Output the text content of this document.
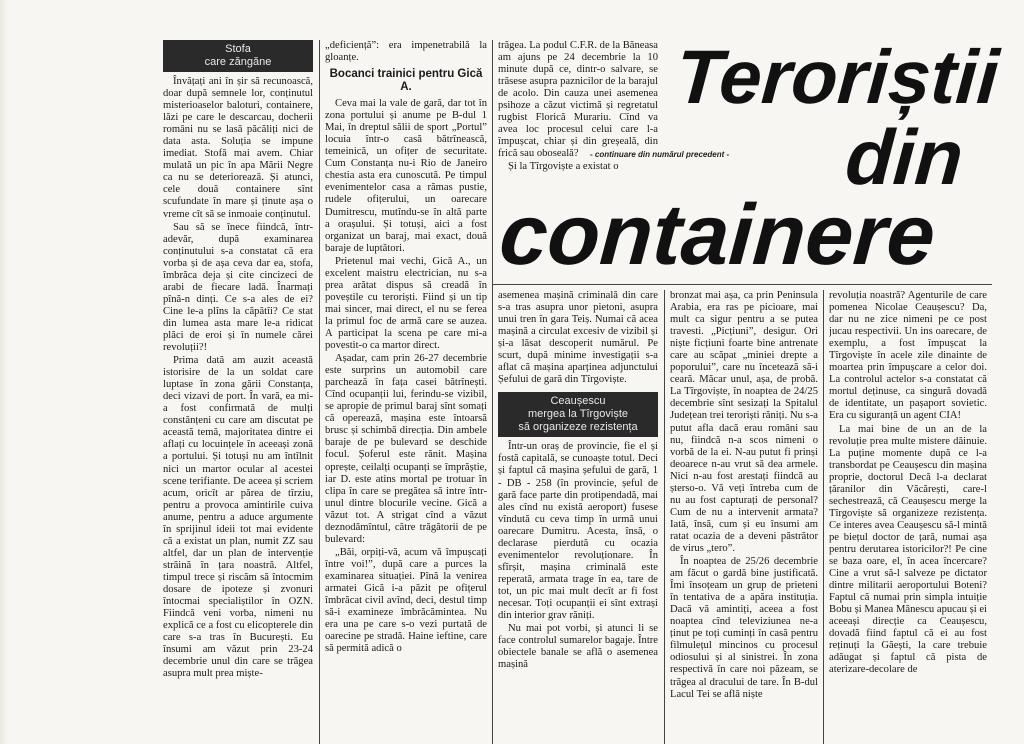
Stofa
care zăngăne

Învățați ani în șir să recunoască, doar după semnele lor, conținutul misterioaselor baloturi, containere, lăzi pe care le descarcau, docherii români nu se lasă păcăliți nici de data asta. Soluția se impune imediat. Stofă mai avem. Chiar mulată un pic în apa Mării Negre ca nu se deteriorează. Și atunci, cele două containere sînt scufundate în mare și ținute așa o vreme cît să se inmoaie conținutul.

Sau să se înece fiindcă, într-adevăr, după examinarea conținutului s-a constatat că era vorba și de așa ceva dar ea, stofa, îmbrăca deja și cite cincizeci de arabi de fiecare ladă. Înarmați pînă-n dinți. Ce s-a ales de ei? Cine le-a plîns la căpătîi? Ce stat din lumea asta mare le-a ridicat plăci de eroi și în numele cărei revoluții?!

Prima dată am auzit această istorisire de la un soldat care luptase în zona gării Constanța, deci vizavi de port. În vară, ea mi-a fost confirmată de mulți constănțeni cu care am discutat pe această temă, majoritatea dintre ei aflați cu locuințele în aceeași zonă a portului. Și totuși nu am întîlnit nici un martor ocular al acestei scene terifiante. De aceea și scriem acum, oricît ar părea de tîrziu, pentru a provoca amintirile cuiva anume, pentru a aduce argumente în sprijinul ideii tot mai evidente că a existat un plan, numit ZZ sau altfel, dar un plan de intervenție străină în țara noastră. Altfel, timpul trece și riscăm să întocmim dosare de ipoteze și zvonuri întocmai specialiștilor în OZN. Fiindcă veni vorba, nimeni nu explică ce a fost cu elicopterele din care s-a tras în București. Eu însumi am văzut prin 23-24 decembrie unul din care se trăgea asupra mult prea miște-

„deficiență”: era impenetrabilă la gloanțe.

Bocanci trainici pentru Gică A.

Ceva mai la vale de gară, dar tot în zona portului și anume pe B-dul 1 Mai, în dreptul sălii de sport „Portul” locuia într-o casă bătrînească, temeinică, un ofițer de securitate. Cum Constanța nu-i Rio de Janeiro chestia asta era cunoscută. Pe timpul evenimentelor casa a rămas pustie, rudele ofițerului, un oarecare Dumitrescu, mutîndu-se în altă parte a orașului. Și totuși, aici a fost organizat un baraj, mai exact, două baraje de luptători.

Prietenul mai vechi, Gică A., un excelent maistru electrician, nu s-a prea arătat dispus să creadă în poveștile cu teroriști. Fiind și un tip mai sincer, mai direct, el nu se ferea la primul foc de armă care se auzea. A participat la scena pe care mi-a povestit-o ca martor direct.

Așadar, cam prin 26-27 decembrie este surprins un automobil care parchează în fața casei bătrînești. Cînd ocupanții lui, ferindu-se vizibil, se apropie de primul baraj sînt somați că operează, mașina este întoarsă brusc și schimbă direcția. Din ambele baraje de pe bulevard se deschide focul. Șoferul este rănit. Mașina oprește, ceilalți ocupanți se împrăștie, iar D. este atins mortal pe trotuar în clipa în care se pregătea să intre într-unul dintre blocurile vecine. Gică a văzut tot. A strigat cînd a văzut deznodămîntul, către trăgătorii de pe bulevard:

„Băi, orpiți-vă, acum vă împușcați între voi!”, după care a purces la examinarea situației. Pînă la venirea armatei Gică i-a păzit pe ofițerul îmbrăcat civil avînd, deci, destul timp să-i examineze îmbrăcămintea. Nu era una pe care s-o vezi purtată de oarecine pe stradă. Haine ieftine, care să permită adică o

trăgea. La podul C.F.R. de la Băneasa am ajuns pe 24 decembrie la 10 minute după ce, dintr-o salvare, se trăsese asupra paznicilor de la barajul de acolo. Din cauza unei asemenea psihoze a căzut victimă și regretatul rugbist Florică Murariu. Cînd va avea loc procesul celui care l-a împușcat, chiar și din greșeală, din frică sau oboseală?

Și la Tîrgoviște a existat o

Teroriștii
- continuare din numărul precedent -	din
containere

asemenea mașină criminală din care s-a tras asupra unor pietoni, asupra unui tren în gara Teiș. Numai că acea mașină a circulat excesiv de vizibil și și-a lăsat descoperit numărul. Pe scurt, după minime investigații s-a aflat că mașina aparținea adjunctului Șefului de gară din Tîrgoviște.

Ceaușescu
mergea la Tîrgoviște
să organizeze rezistența

Într-un oraș de provincie, fie el și fostă capitală, se cunoaște totul. Deci și faptul că mașina șefului de gară, 1 - DB - 258 (în provincie, șeful de gară face parte din protipendadă, mai ales cînd nu există aeroport) fusese vîndută cu ceva timp în urmă unui oarecare Dumitru. Acesta, însă, o declarase pierdută cu ocazia evenimentelor revoluționare. În sfîrșit, mașina criminală este reperată, armata trage în ea, tare de tot, un pic mai mult decît ar fi fost necesar. Toți ocupanții ei sînt extrași din interior grav răniți.

Nu mai pot vorbi, și atunci li se face controlul sumarelor bagaje. Între obiectele banale se află o asemenea mașină

bronzat mai așa, ca prin Peninsula Arabia, era ras pe picioare, mai mult ca sigur pentru a se putea travesti. „Picțiuni”, desigur. Ori niște ficțiuni foarte bine antrenate care au scăpat „miniei drepte a poporului”, care nu încetează să-i ceară. Măcar unul, așa, de probă. La Tîrgoviște, în noaptea de 24/25 decembrie sînt sesizați la Spitalul Județean trei teroriști răniți. Nu s-a putut afla dacă erau români sau nu, fiindcă n-a scos nimeni o vorbă de la ei. N-au putut fi prinși deoarece n-au vrut să dea armele. Nici n-au fost arestați fiindcă au ștersо-o. Vă veți întreba cum de nu au fost capturați de personal? Cum de nu a intervenit armata? Iată, însă, cum și eu însumi am ratat ocazia de a deveni păstrător de virus „tero”.

În noaptea de 25/26 decembrie am făcut o gardă bine justificată. Îmi însoțeam un grup de prieteni în tentativa de a apăra instituția. Dacă vă amintiți, aceea a fost noaptea cînd televiziunea ne-a ținut pe toți cuminți în casă pentru filmulețul mincinos cu procesul odiosului și al sinistrei. În zona respectivă în care noi păzeam, se trăgea al dracului de tare. În B-dul Lacul Tei se află niște

revoluția noastră? Agenturile de care pomenea Nicolae Ceaușescu? Da, dar nu ne zice nimeni pe ce post jucau respectivii. Un ins oarecare, de exemplu, a fost împușcat la Tîrgoviște în acele zile dinainte de moartea prin împușcare a celor doi. La controlul actelor s-a constatat că mortul deținuse, ca singură dovadă de identitate, un pașaport sovietic. Era cu siguranță un agent CIA!

La mai bine de un an de la revoluție prea multe mistere dăinuie. La puține momente după ce l-a transbordat pe Ceaușescu din mașina proprie, doctorul Decă l-a declarat țăranilor din Văcărești, care-l sechestrează, că Ceaușescu merge la Tîrgoviște să organizeze rezistența. Ce interes avea Ceaușescu să-l mintă pe biețul doctor de țară, numai așa pentru derutarea istoricilor?! Pe cine se baza oare, el, în acea încercare? Cine a vrut să-l salveze pe dictator dintre militarii aeroportului Boteni? Faptul că numai prin simpla intuiție Bobu și Manea Mănescu apucau și ei aceeași direcție ca Ceaușescu, dovadă fiind faptul că ei au fost reținuți la Găești, la care trebuie adăugat și faptul că pista de aterizare-decolare de
